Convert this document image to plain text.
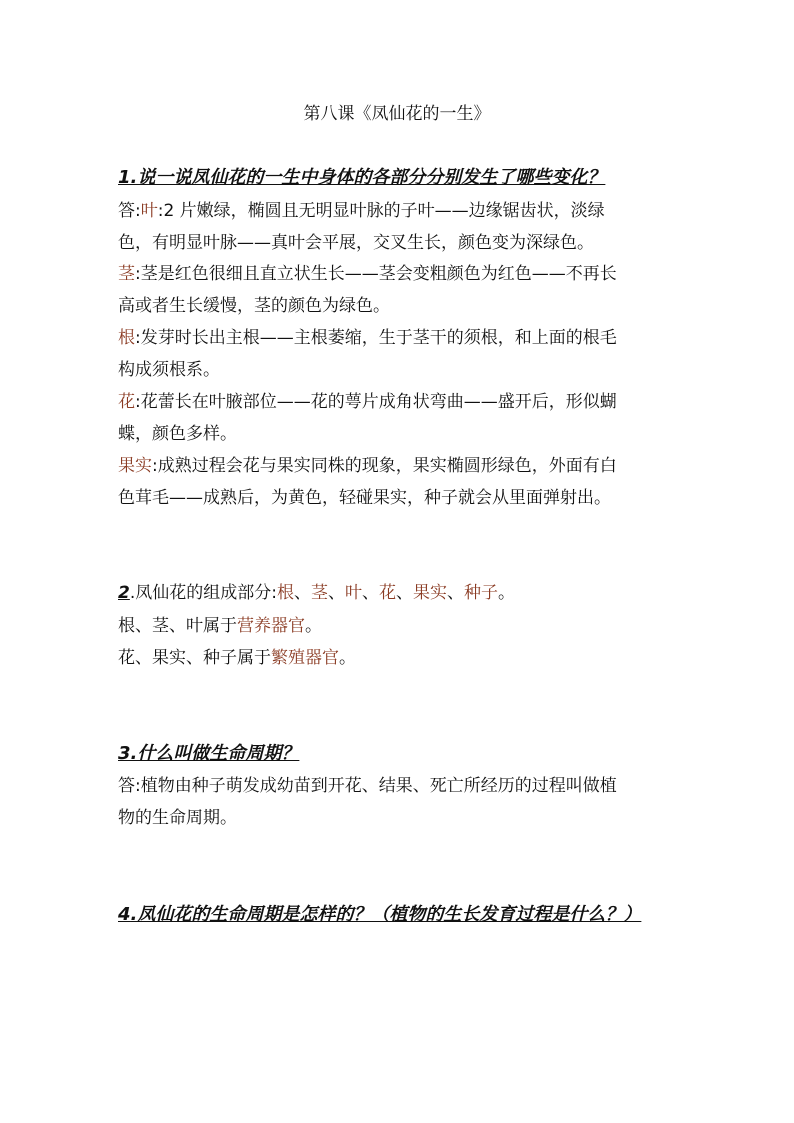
第八课《凤仙花的一生》
1.说一说凤仙花的一生中身体的各部分分别发生了哪些变化？
答:叶:2 片嫩绿，椭圆且无明显叶脉的子叶——边缘锯齿状，淡绿
色，有明显叶脉——真叶会平展，交叉生长，颜色变为深绿色。
茎:茎是红色很细且直立状生长——茎会变粗颜色为红色——不再长
高或者生长缓慢，茎的颜色为绿色。
根:发芽时长出主根——主根萎缩，生于茎干的须根，和上面的根毛
构成须根系。
花:花蕾长在叶腋部位——花的萼片成角状弯曲——盛开后，形似蝴
蝶，颜色多样。
果实:成熟过程会花与果实同株的现象，果实椭圆形绿色，外面有白
色茸毛——成熟后，为黄色，轻碰果实，种子就会从里面弹射出。
2.凤仙花的组成部分:根、茎、叶、花、果实、种子。
根、茎、叶属于营养器官。
花、果实、种子属于繁殖器官。
3.什么叫做生命周期？
答:植物由种子萌发成幼苗到开花、结果、死亡所经历的过程叫做植
物的生命周期。
4.凤仙花的生命周期是怎样的？（植物的生长发育过程是什么？）
